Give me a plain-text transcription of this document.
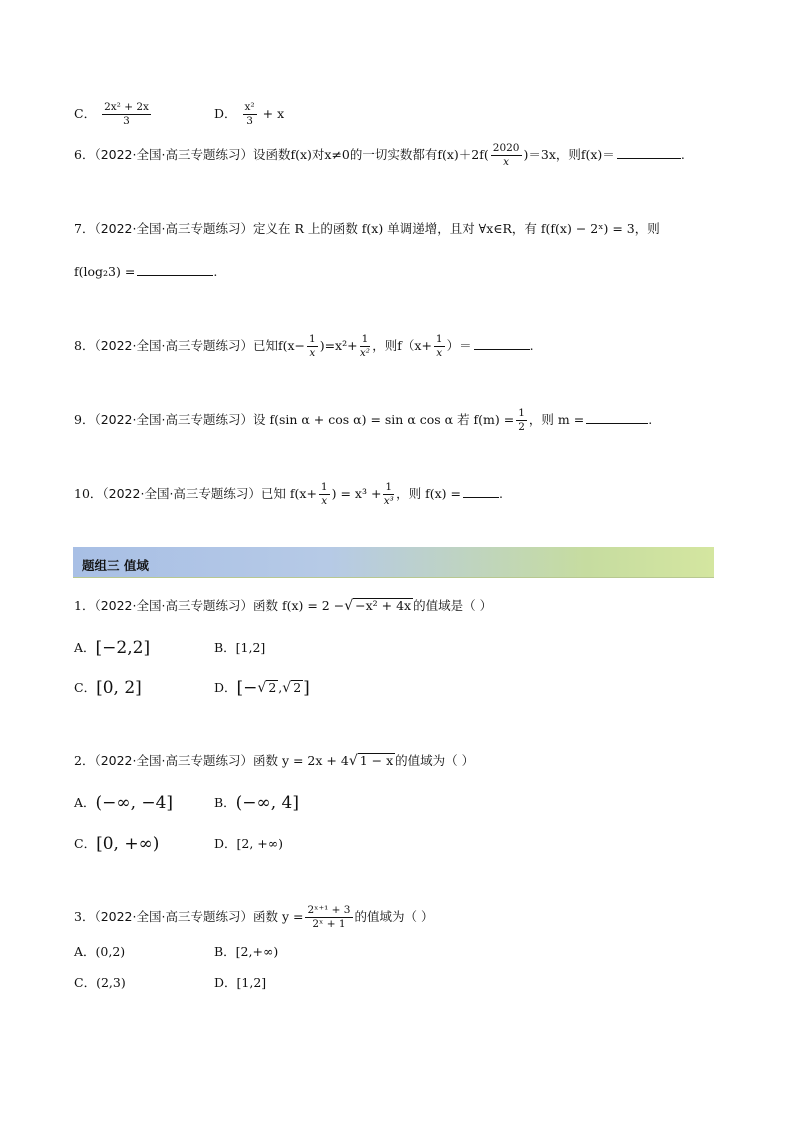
C． $\frac{\text{2x² + 2x}}{3}$	D． $\frac{\text{x²}}{3} + x$
6．（2022·全国·高三专题练习）设函数f(x)对x≠0的一切实数都有$f(x)+2f( \frac{2020}{x} )=3x$，则f(x)＝	.
7．（2022·全国·高三专题练习）定义在 R 上的函数 f(x) 单调递增，且对 ∀x∈R，有 f(f(x) − 2ˣ) = 3，则
f(log₂3) =	.
8．（2022·全国·高三专题练习）已知$f(x- \frac{1}{x} )=x^2+ \frac{1}{\text{x²}}$ ，则$f(x+ \frac{1}{x}$ ）＝	.
9．（2022·全国·高三专题练习）设 f(sin α + cos α) = sin α cos α 若 $f(m) = \frac{1}{2}$ ，则 m =	.
10．（2022·全国·高三专题练习）已知 $f(x+ \frac{1}{x}$ ) = $x^3 + \frac{1}{\text{x³}}$ ，则 f(x) =	.
题组三 值域
1．（2022·全国·高三专题练习）函数 f(x) = 2 −√ −x² + 4x 的值域是（ ）
A．[−2,2]	B．[1,2]
C．[0, 2]	D．[−√ 2 ,√ 2 ]
2．（2022·全国·高三专题练习）函数 y = 2x + 4√ 1 − x 的值域为（ ）
A．(−∞, −4]	B．(−∞, 4]
C．[0, +∞)	D．[2, +∞)
3．（2022·全国·高三专题练习）函数 $y = \frac{\text{2ˣ⁺¹ + 3}}{\text{2ˣ + 1}}$ 的值域为（ ）
A．(0,2)	B．[2,+∞)
C．(2,3)	D．[1,2]
